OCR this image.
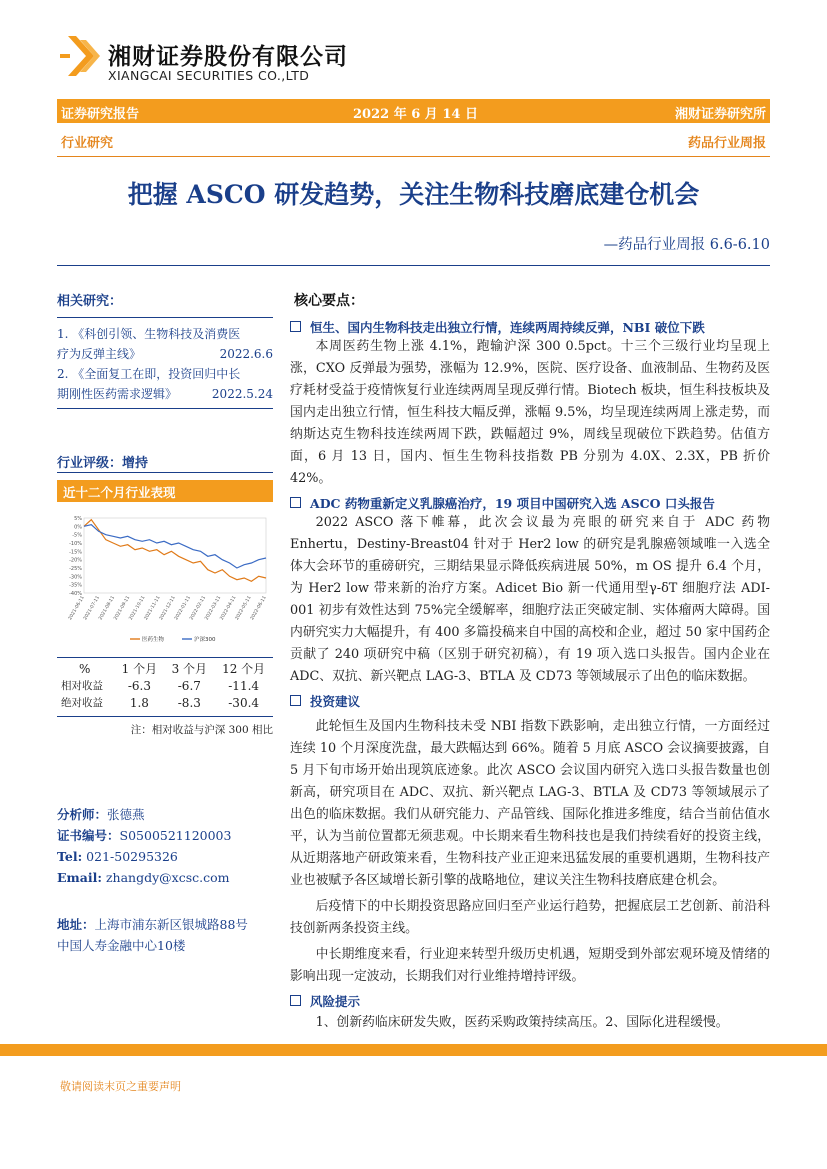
湘财证券股份有限公司
XIANGCAI SECURITIES CO.,LTD
证券研究报告	2022 年 6 月 14 日	湘财证券研究所
行业研究	药品行业周报
把握 ASCO 研发趋势，关注生物科技磨底建仓机会
—药品行业周报 6.6-6.10
相关研究：
1. 《科创引领、生物科技及消费医
疗为反弹主线》	2022.6.6
2. 《全面复工在即，投资回归中长
期刚性医药需求逻辑》	2022.5.24
行业评级：增持
近十二个月行业表现
5%
0%
-5%
-10%
-15%
-20%
-25%
-30%
-35%
-40%
2021-06-11
2021-07-11
2021-08-11
2021-09-11
2021-10-11
2021-11-11
2021-12-11
2022-01-11
2022-02-11
2022-03-11
2022-04-11
2022-05-11
2022-06-11
医药生物	沪深300
%	1 个月	3 个月	12 个月
相对收益	-6.3	-6.7	-11.4
绝对收益	1.8	-8.3	-30.4
注：相对收益与沪深 300 相比
分析师：张德燕
证书编号：S0500521120003
Tel: 021-50295326
Email: zhangdy@xcsc.com
地址：上海市浦东新区银城路88号
中国人寿金融中心10楼
核心要点：
恒生、国内生物科技走出独立行情，连续两周持续反弹，NBI 破位下跌
本周医药生物上涨 4.1%，跑输沪深 300 0.5pct。十三个三级行业均呈现上涨，CXO 反弹最为强势，涨幅为 12.9%，医院、医疗设备、血液制品、生物药及医疗耗材受益于疫情恢复行业连续两周呈现反弹行情。Biotech 板块，恒生科技板块及国内走出独立行情，恒生科技大幅反弹，涨幅 9.5%，均呈现连续两周上涨走势，而纳斯达克生物科技连续两周下跌，跌幅超过 9%，周线呈现破位下跌趋势。估值方面，6 月 13 日，国内、恒生生物科技指数 PB 分别为 4.0X、2.3X，PB 折价 42%。
ADC 药物重新定义乳腺癌治疗，19 项目中国研究入选 ASCO 口头报告
2022 ASCO 落下帷幕，此次会议最为亮眼的研究来自于 ADC 药物 Enhertu，Destiny-Breast04 针对于 Her2 low 的研究是乳腺癌领域唯一入选全体大会环节的重磅研究，三期结果显示降低疾病进展 50%，m OS 提升 6.4 个月，为 Her2 low 带来新的治疗方案。Adicet Bio 新一代通用型γ-δT 细胞疗法 ADI-001 初步有效性达到 75%完全缓解率，细胞疗法正突破定制、实体瘤两大障碍。国内研究实力大幅提升，有 400 多篇投稿来自中国的高校和企业，超过 50 家中国药企贡献了 240 项研究中稿（区别于研究初稿），有 19 项入选口头报告。国内企业在 ADC、双抗、新兴靶点 LAG-3、BTLA 及 CD73 等领域展示了出色的临床数据。
投资建议
此轮恒生及国内生物科技未受 NBI 指数下跌影响，走出独立行情，一方面经过连续 10 个月深度洗盘，最大跌幅达到 66%。随着 5 月底 ASCO 会议摘要披露，自 5 月下旬市场开始出现筑底迹象。此次 ASCO 会议国内研究入选口头报告数量也创新高，研究项目在 ADC、双抗、新兴靶点 LAG-3、BTLA 及 CD73 等领域展示了出色的临床数据。我们从研究能力、产品管线、国际化推进多维度，结合当前估值水平，认为当前位置都无须悲观。中长期来看生物科技也是我们持续看好的投资主线，从近期落地产研政策来看，生物科技产业正迎来迅猛发展的重要机遇期，生物科技产业也被赋予各区域增长新引擎的战略地位，建议关注生物科技磨底建仓机会。
后疫情下的中长期投资思路应回归至产业运行趋势，把握底层工艺创新、前沿科技创新两条投资主线。
中长期维度来看，行业迎来转型升级历史机遇，短期受到外部宏观环境及情绪的影响出现一定波动，长期我们对行业维持增持评级。
风险提示
1、创新药临床研发失败，医药采购政策持续高压。2、国际化进程缓慢。
敬请阅读末页之重要声明
